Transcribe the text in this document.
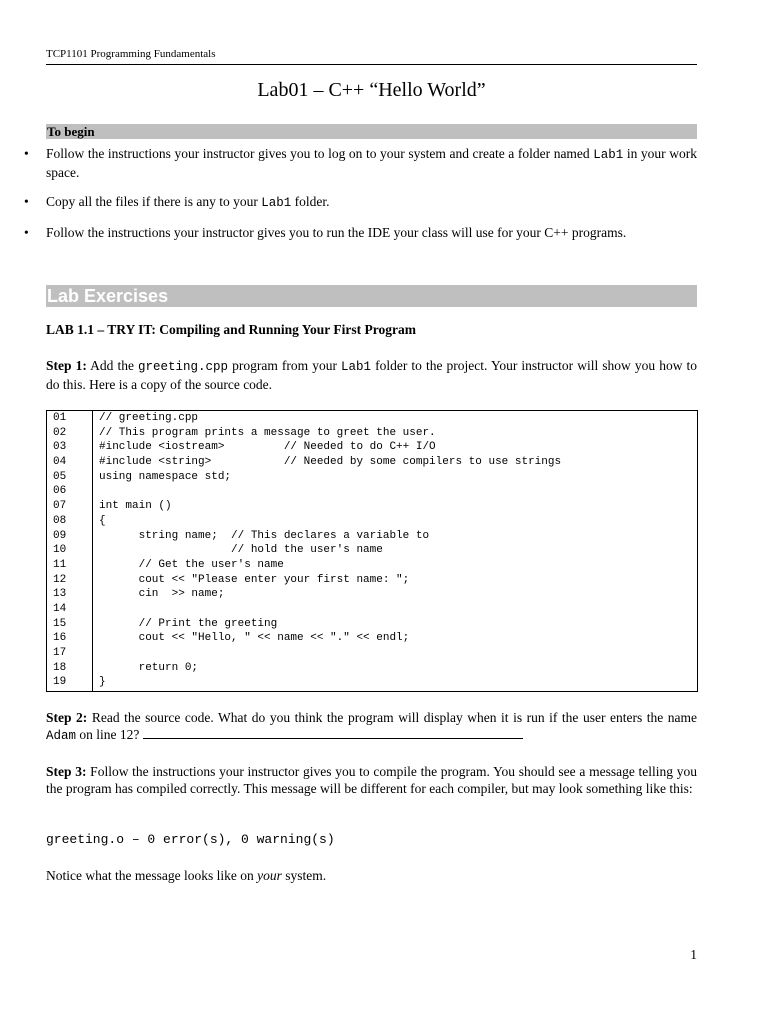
TCP1101 Programming Fundamentals
Lab01 – C++ “Hello World”
To begin
• Follow the instructions your instructor gives you to log on to your system and create a folder named Lab1 in your work space.
• Copy all the files if there is any to your Lab1 folder.
• Follow the instructions your instructor gives you to run the IDE your class will use for your C++ programs.
Lab Exercises
LAB 1.1 – TRY IT: Compiling and Running Your First Program
Step 1: Add the greeting.cpp program from your Lab1 folder to the project. Your instructor will show you how to do this. Here is a copy of the source code.
01
02
03
04
05
06
07
08
09
10
11
12
13
14
15
16
17
18
19
// greeting.cpp
// This program prints a message to greet the user.
#include <iostream>         // Needed to do C++ I/O
#include <string>           // Needed by some compilers to use strings
using namespace std;
int main ()
{
string name;  // This declares a variable to
// hold the user's name
// Get the user's name
cout << "Please enter your first name: ";
cin  >> name;
// Print the greeting
cout << "Hello, " << name << "." << endl;
return 0;
}
Step 2: Read the source code. What do you think the program will display when it is run if the user enters the name Adam on line 12?
Step 3: Follow the instructions your instructor gives you to compile the program. You should see a message telling you the program has compiled correctly. This message will be different for each compiler, but may look something like this:
Notice what the message looks like on your system.
1
greeting.o – 0 error(s), 0 warning(s)
